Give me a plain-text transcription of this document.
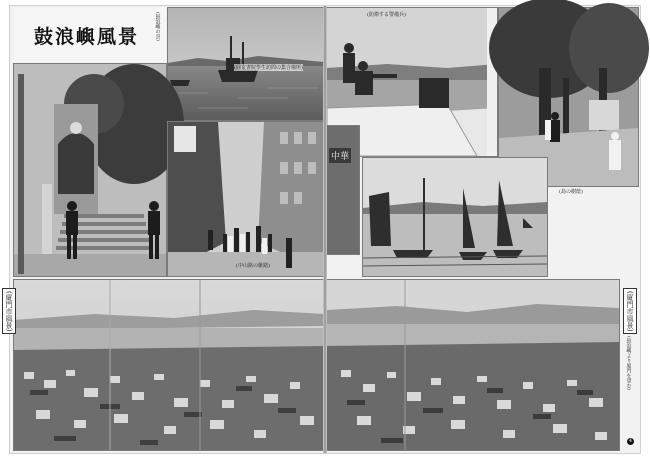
鼓浪嶼風景	(鼓浪嶼の景)
(同文書院學生訪問の集合場所)
(中山路の雑踏)
(防衛する警備兵)
中華
(島の樹蔭)
(鼓浪嶼より廈門を望む)
(廈門市風景)
4
(廈門市風景)
